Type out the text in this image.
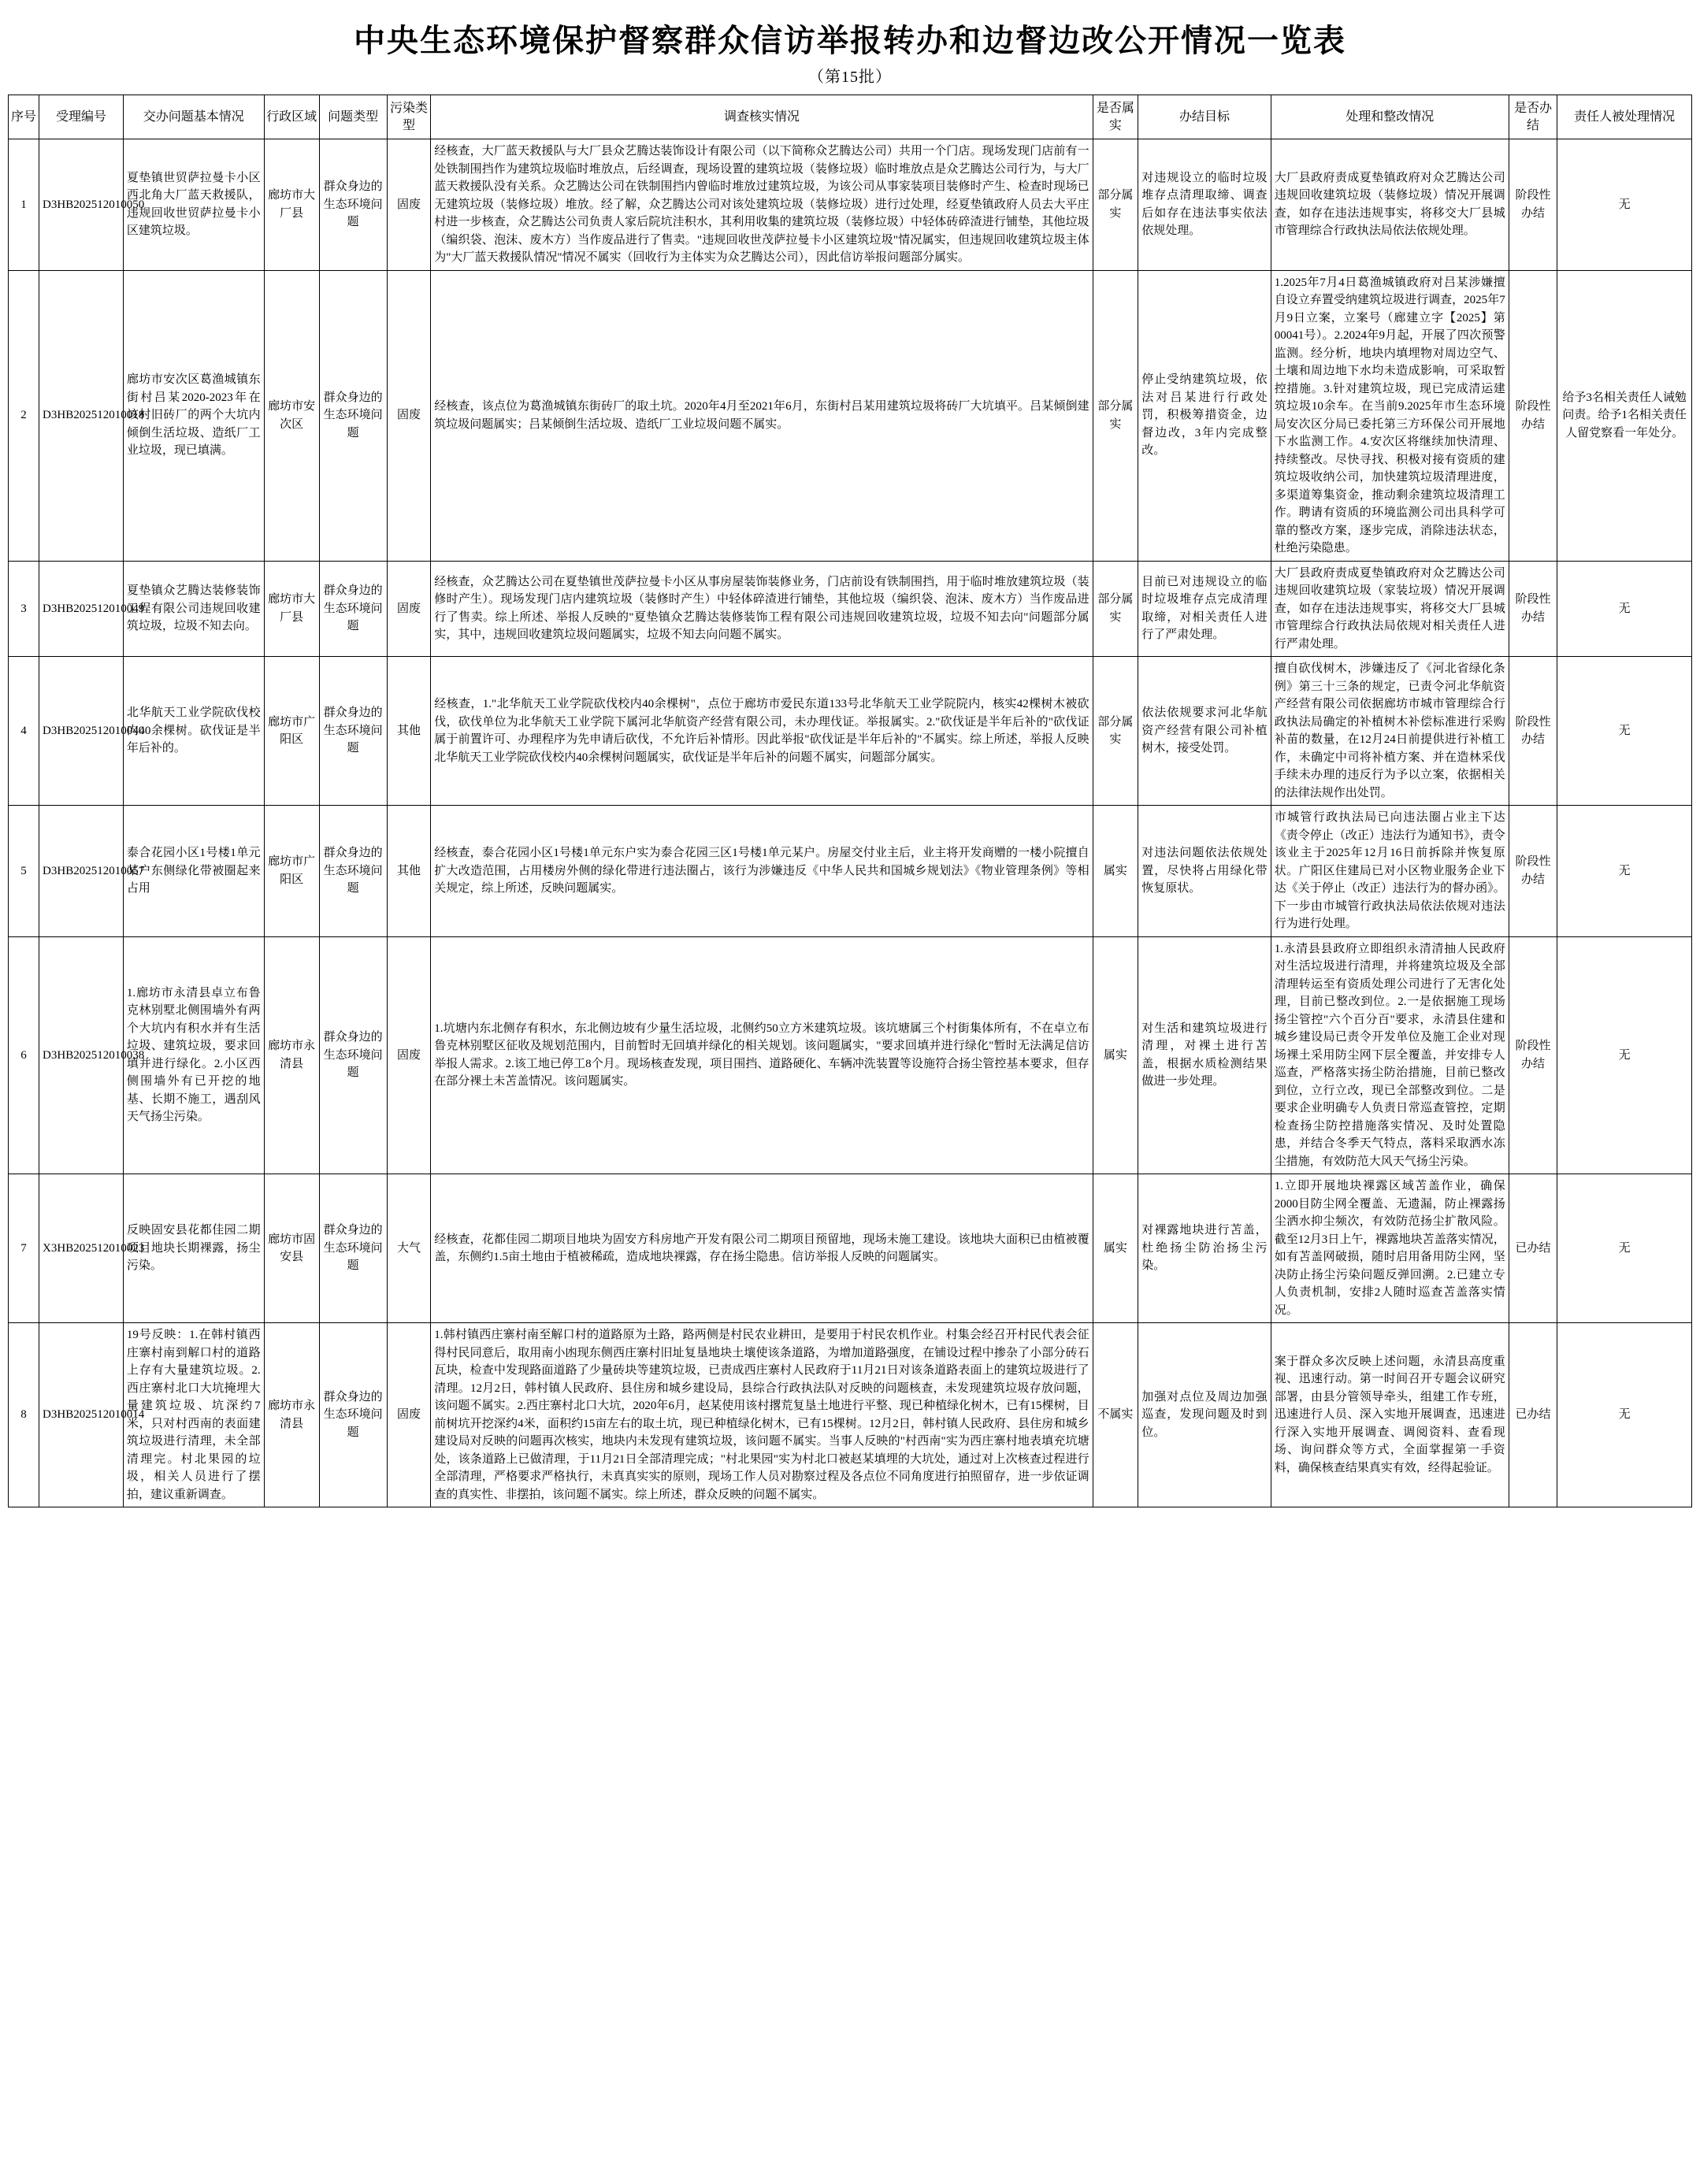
中央生态环境保护督察群众信访举报转办和边督边改公开情况一览表
（第15批）
序号	受理编号	交办问题基本情况	行政区域	问题类型	污染类型	调查核实情况	是否属实	办结目标	处理和整改情况	是否办结	责任人被处理情况
1	D3HB202512010050	夏垫镇世贸萨拉曼卡小区西北角大厂蓝天救援队，违规回收世贸萨拉曼卡小区建筑垃圾。	廊坊市大厂县	群众身边的生态环境问题	固废	经核查，大厂蓝天救援队与大厂县众艺腾达装饰设计有限公司（以下简称众艺腾达公司）共用一个门店。现场发现门店前有一处铁制围挡作为建筑垃圾临时堆放点，后经调查，现场设置的建筑垃圾（装修垃圾）临时堆放点是众艺腾达公司行为，与大厂蓝天救援队没有关系。众艺腾达公司在铁制围挡内曾临时堆放过建筑垃圾，为该公司从事家装项目装修时产生、检查时现场已无建筑垃圾（装修垃圾）堆放。经了解，众艺腾达公司对该处建筑垃圾（装修垃圾）进行过处理，经夏垫镇政府人员去大平庄村进一步核查，众艺腾达公司负责人家后院坑洼积水，其利用收集的建筑垃圾（装修垃圾）中轻体砖碎渣进行铺垫，其他垃圾（编织袋、泡沫、废木方）当作废品进行了售卖。"违规回收世茂萨拉曼卡小区建筑垃圾"情况属实，但违规回收建筑垃圾主体为"大厂蓝天救援队情况"情况不属实（回收行为主体实为众艺腾达公司），因此信访举报问题部分属实。	部分属实	对违规设立的临时垃圾堆存点清理取缔、调查后如存在违法事实依法依规处理。	大厂县政府责成夏垫镇政府对众艺腾达公司违规回收建筑垃圾（装修垃圾）情况开展调查，如存在违法违规事实，将移交大厂县城市管理综合行政执法局依法依规处理。	阶段性办结	无
2	D3HB202512010018	廊坊市安次区葛渔城镇东街村吕某2020-2023年在该村旧砖厂的两个大坑内倾倒生活垃圾、造纸厂工业垃圾，现已填满。	廊坊市安次区	群众身边的生态环境问题	固废	经核查，该点位为葛渔城镇东街砖厂的取土坑。2020年4月至2021年6月，东街村吕某用建筑垃圾将砖厂大坑填平。吕某倾倒建筑垃圾问题属实；吕某倾倒生活垃圾、造纸厂工业垃圾问题不属实。	部分属实	停止受纳建筑垃圾，依法对吕某进行行政处罚，积极筹措资金，边督边改，3年内完成整改。	1.2025年7月4日葛渔城镇政府对吕某涉嫌擅自设立弃置受纳建筑垃圾进行调查，2025年7月9日立案，立案号（廊建立字【2025】第00041号）。2.2024年9月起，开展了四次预警监测。经分析，地块内填埋物对周边空气、土壤和周边地下水均未造成影响，可采取暂控措施。3.针对建筑垃圾，现已完成清运建筑垃圾10余车。在当前9.2025年市生态环境局安次区分局已委托第三方环保公司开展地下水监测工作。4.安次区将继续加快清理、持续整改。尽快寻找、积极对接有资质的建筑垃圾收纳公司，加快建筑垃圾清理进度，多渠道筹集资金，推动剩余建筑垃圾清理工作。聘请有资质的环境监测公司出具科学可靠的整改方案，逐步完成，消除违法状态，杜绝污染隐患。	阶段性办结	给予3名相关责任人诫勉问责。给予1名相关责任人留党察看一年处分。
3	D3HB202512010049	夏垫镇众艺腾达装修装饰工程有限公司违规回收建筑垃圾，垃圾不知去向。	廊坊市大厂县	群众身边的生态环境问题	固废	经核查，众艺腾达公司在夏垫镇世茂萨拉曼卡小区从事房屋装饰装修业务，门店前设有铁制围挡，用于临时堆放建筑垃圾（装修时产生）。现场发现门店内建筑垃圾（装修时产生）中轻体碎渣进行铺垫，其他垃圾（编织袋、泡沫、废木方）当作废品进行了售卖。综上所述、举报人反映的"夏垫镇众艺腾达装修装饰工程有限公司违规回收建筑垃圾，垃圾不知去向"问题部分属实，其中，违规回收建筑垃圾问题属实，垃圾不知去向问题不属实。	部分属实	目前已对违规设立的临时垃圾堆存点完成清理取缔，对相关责任人进行了严肃处理。	大厂县政府责成夏垫镇政府对众艺腾达公司违规回收建筑垃圾（家装垃圾）情况开展调查，如存在违法违规事实，将移交大厂县城市管理综合行政执法局依规对相关责任人进行严肃处理。	阶段性办结	无
4	D3HB202512010040	北华航天工业学院砍伐校内40余棵树。砍伐证是半年后补的。	廊坊市广阳区	群众身边的生态环境问题	其他	经核查，1."北华航天工业学院砍伐校内40余棵树"，点位于廊坊市爱民东道133号北华航天工业学院院内，核实42棵树木被砍伐，砍伐单位为北华航天工业学院下属河北华航资产经营有限公司，未办理伐证。举报属实。2."砍伐证是半年后补的"砍伐证属于前置许可、办理程序为先申请后砍伐，不允许后补情形。因此举报"砍伐证是半年后补的"不属实。综上所述，举报人反映北华航天工业学院砍伐校内40余棵树问题属实，砍伐证是半年后补的问题不属实，问题部分属实。	部分属实	依法依规要求河北华航资产经营有限公司补植树木，接受处罚。	擅自砍伐树木，涉嫌违反了《河北省绿化条例》第三十三条的规定，已责令河北华航资产经营有限公司依据廊坊市城市管理综合行政执法局确定的补植树木补偿标准进行采购补苗的数量，在12月24日前提供进行补植工作，未确定中司将补植方案、并在造林采伐手续未办理的违反行为予以立案，依据相关的法律法规作出处罚。	阶段性办结	无
5	D3HB202512010057	泰合花园小区1号楼1单元某户东侧绿化带被圈起来占用	廊坊市广阳区	群众身边的生态环境问题	其他	经核查，泰合花园小区1号楼1单元东户实为泰合花园三区1号楼1单元某户。房屋交付业主后，业主将开发商赠的一楼小院擅自扩大改造范围，占用楼房外侧的绿化带进行违法圈占，该行为涉嫌违反《中华人民共和国城乡规划法》《物业管理条例》等相关规定，综上所述，反映问题属实。	属实	对违法问题依法依规处置，尽快将占用绿化带恢复原状。	市城管行政执法局已向违法圈占业主下达《责令停止（改正）违法行为通知书》，责令该业主于2025年12月16日前拆除并恢复原状。广阳区住建局已对小区物业服务企业下达《关于停止（改正）违法行为的督办函》。下一步由市城管行政执法局依法依规对违法行为进行处理。	阶段性办结	无
6	D3HB202512010038	1.廊坊市永清县卓立布鲁克林别墅北侧围墙外有两个大坑内有积水并有生活垃圾、建筑垃圾，要求回填并进行绿化。2.小区西侧围墙外有已开挖的地基、长期不施工，遇刮风天气扬尘污染。	廊坊市永清县	群众身边的生态环境问题	固废	1.坑塘内东北侧存有积水，东北侧边坡有少量生活垃圾，北侧约50立方米建筑垃圾。该坑塘属三个村街集体所有，不在卓立布鲁克林别墅区征收及规划范围内，目前暂时无回填并绿化的相关规划。该问题属实，"要求回填并进行绿化"暂时无法满足信访举报人需求。2.该工地已停工8个月。现场核查发现，项目围挡、道路硬化、车辆冲洗装置等设施符合扬尘管控基本要求，但存在部分裸土未苫盖情况。该问题属实。	属实	对生活和建筑垃圾进行清理，对裸土进行苫盖，根据水质检测结果做进一步处理。	1.永清县县政府立即组织永清清抽人民政府对生活垃圾进行清理，并将建筑垃圾及全部清理转运至有资质处理公司进行了无害化处理，目前已整改到位。2.一是依据施工现场扬尘管控"六个百分百"要求，永清县住建和城乡建设局已责令开发单位及施工企业对现场裸土采用防尘网下层全覆盖，并安排专人巡查，严格落实扬尘防治措施，目前已整改到位，立行立改，现已全部整改到位。二是要求企业明确专人负责日常巡查管控，定期检查扬尘防控措施落实情况、及时处置隐患，并结合冬季天气特点，落料采取洒水冻尘措施，有效防范大风天气扬尘污染。	阶段性办结	无
7	X3HB202512010023	反映固安县花都佳园二期项目地块长期裸露，扬尘污染。	廊坊市固安县	群众身边的生态环境问题	大气	经核查，花都佳园二期项目地块为固安方科房地产开发有限公司二期项目预留地，现场未施工建设。该地块大面积已由植被覆盖，东侧约1.5亩土地由于植被稀疏，造成地块裸露，存在扬尘隐患。信访举报人反映的问题属实。	属实	对裸露地块进行苫盖，杜绝扬尘防治扬尘污染。	1.立即开展地块裸露区域苫盖作业，确保2000目防尘网全覆盖、无遗漏，防止裸露扬尘洒水抑尘频次，有效防范扬尘扩散风险。截至12月3日上午，裸露地块苫盖落实情况，如有苫盖网破损，随时启用备用防尘网，坚决防止扬尘污染问题反弹回溯。2.已建立专人负责机制，安排2人随时巡查苫盖落实情况。	已办结	无
8	D3HB202512010014	19号反映：1.在韩村镇西庄寨村南到解口村的道路上存有大量建筑垃圾。2.西庄寨村北口大坑掩埋大量建筑垃圾、坑深约7米，只对村西南的表面建筑垃圾进行清理，未全部清理完。村北果园的垃圾，相关人员进行了摆拍，建议重新调查。	廊坊市永清县	群众身边的生态环境问题	固废	1.韩村镇西庄寨村南至解口村的道路原为土路，路两侧是村民农业耕田，是要用于村民农机作业。村集会经召开村民代表会征得村民同意后，取用南小凼现东侧西庄寨村旧址复垦地块土壤使该条道路，为增加道路强度，在铺设过程中掺杂了小部分砖石瓦块，检查中发现路面道路了少量砖块等建筑垃圾，已责成西庄寨村人民政府于11月21日对该条道路表面上的建筑垃圾进行了清理。12月2日，韩村镇人民政府、县住房和城乡建设局，县综合行政执法队对反映的问题核查，未发现建筑垃圾存放问题，该问题不属实。2.西庄寨村北口大坑，2020年6月，赵某使用该村撂荒复垦土地进行平整、现已种植绿化树木，已有15棵树，目前树坑开挖深约4米，面积约15亩左右的取土坑，现已种植绿化树木，已有15棵树。12月2日，韩村镇人民政府、县住房和城乡建设局对反映的问题再次核实，地块内未发现有建筑垃圾，该问题不属实。当事人反映的"村西南"实为西庄寨村地表填充坑塘处，该条道路上已做清理，于11月21日全部清理完成；"村北果园"实为村北口被赵某填埋的大坑处，通过对上次核查过程进行全部清理，严格要求严格执行，未真真实实的原则，现场工作人员对勘察过程及各点位不同角度进行拍照留存，进一步依证调查的真实性、非摆拍，该问题不属实。综上所述，群众反映的问题不属实。	不属实	加强对点位及周边加强巡查，发现问题及时到位。	案于群众多次反映上述问题，永清县高度重视、迅速行动。第一时间召开专题会议研究部署，由县分管领导牵头，组建工作专班，迅速进行人员、深入实地开展调查，迅速进行深入实地开展调查、调阅资料、查看现场、询问群众等方式，全面掌握第一手资料，确保核查结果真实有效，经得起验证。	已办结	无
